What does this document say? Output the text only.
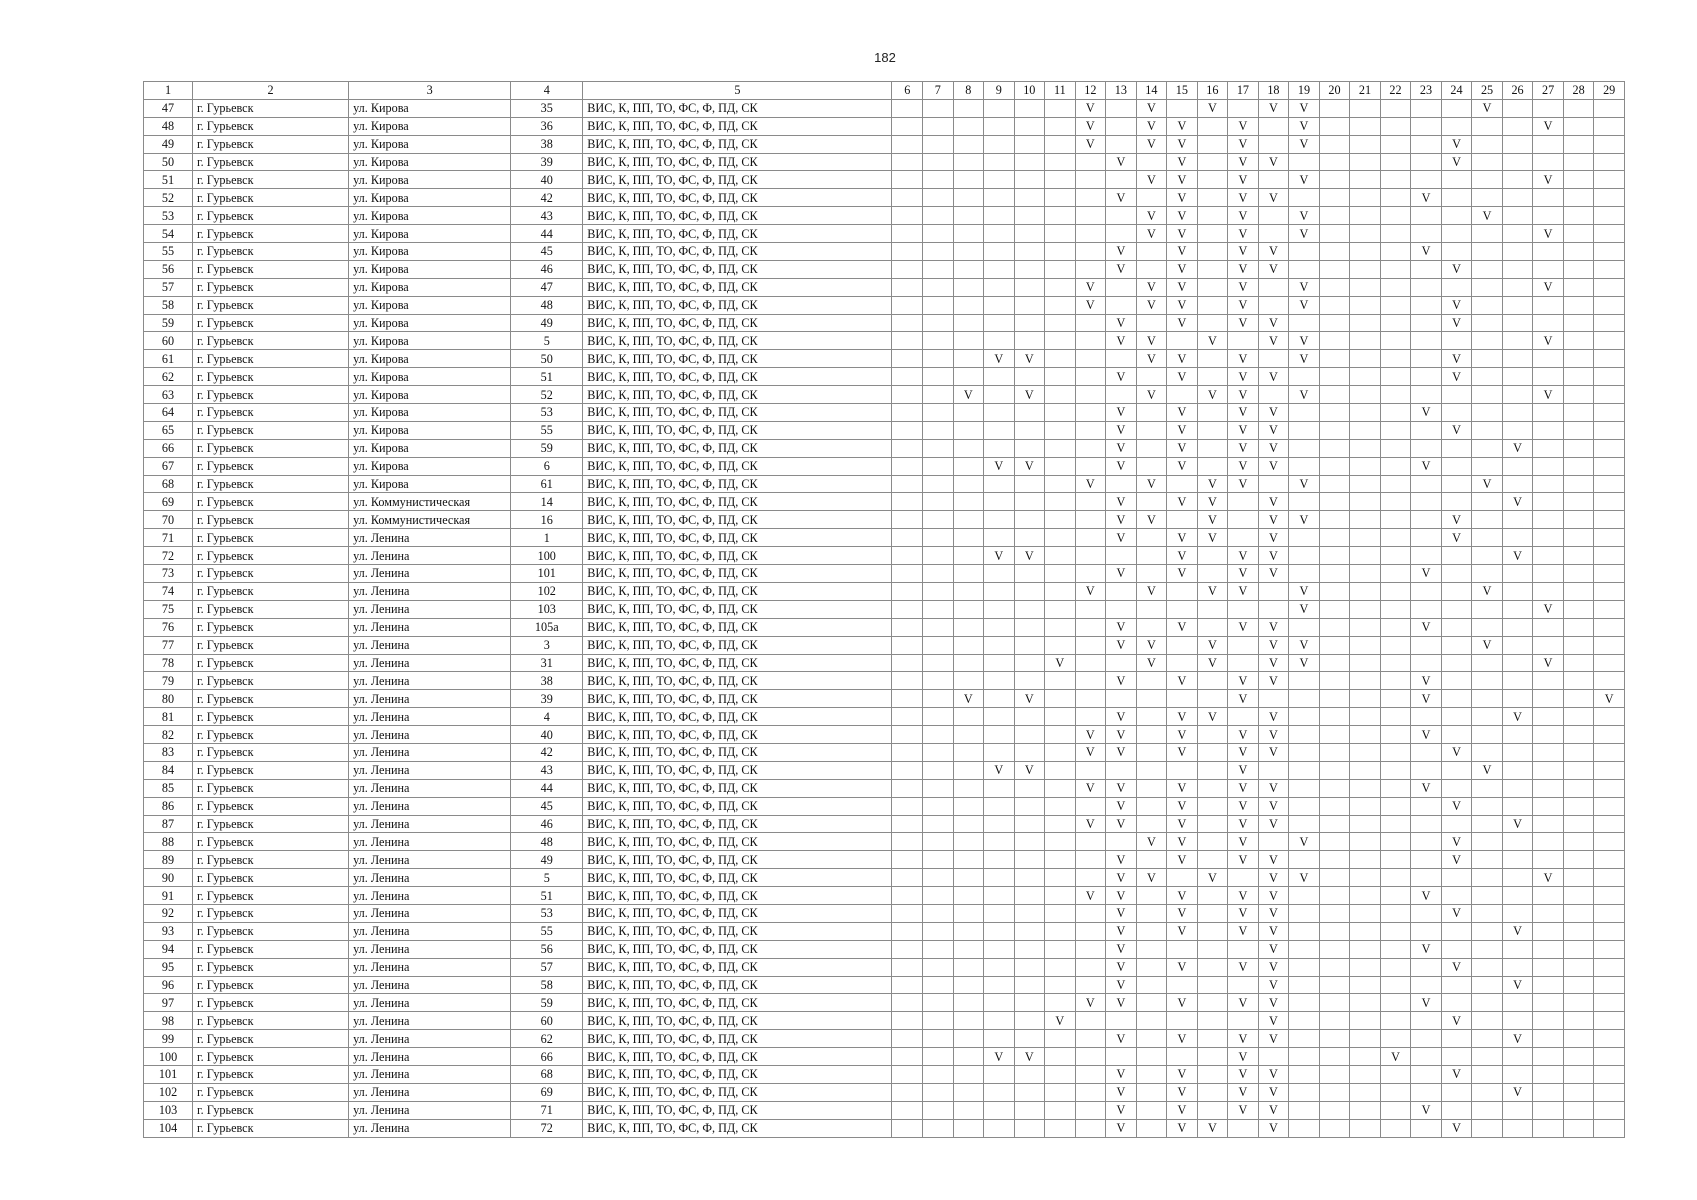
182
1	2	3	4	5	6	7	8	9	10	11	12	13	14	15	16	17	18	19	20	21	22	23	24	25	26	27	28	29
47	г. Гурьевск	ул. Кирова	35	ВИС, К, ПП, ТО, ФС, Ф, ПД, СК							V		V		V		V	V						V				
48	г. Гурьевск	ул. Кирова	36	ВИС, К, ПП, ТО, ФС, Ф, ПД, СК							V		V	V		V		V								V		
49	г. Гурьевск	ул. Кирова	38	ВИС, К, ПП, ТО, ФС, Ф, ПД, СК							V		V	V		V		V					V					
50	г. Гурьевск	ул. Кирова	39	ВИС, К, ПП, ТО, ФС, Ф, ПД, СК								V		V		V	V						V					
51	г. Гурьевск	ул. Кирова	40	ВИС, К, ПП, ТО, ФС, Ф, ПД, СК									V	V		V		V								V		
52	г. Гурьевск	ул. Кирова	42	ВИС, К, ПП, ТО, ФС, Ф, ПД, СК								V		V		V	V					V						
53	г. Гурьевск	ул. Кирова	43	ВИС, К, ПП, ТО, ФС, Ф, ПД, СК									V	V		V		V						V				
54	г. Гурьевск	ул. Кирова	44	ВИС, К, ПП, ТО, ФС, Ф, ПД, СК									V	V		V		V								V		
55	г. Гурьевск	ул. Кирова	45	ВИС, К, ПП, ТО, ФС, Ф, ПД, СК								V		V		V	V					V						
56	г. Гурьевск	ул. Кирова	46	ВИС, К, ПП, ТО, ФС, Ф, ПД, СК								V		V		V	V						V					
57	г. Гурьевск	ул. Кирова	47	ВИС, К, ПП, ТО, ФС, Ф, ПД, СК							V		V	V		V		V								V		
58	г. Гурьевск	ул. Кирова	48	ВИС, К, ПП, ТО, ФС, Ф, ПД, СК							V		V	V		V		V					V					
59	г. Гурьевск	ул. Кирова	49	ВИС, К, ПП, ТО, ФС, Ф, ПД, СК								V		V		V	V						V					
60	г. Гурьевск	ул. Кирова	5	ВИС, К, ПП, ТО, ФС, Ф, ПД, СК								V	V		V		V	V								V		
61	г. Гурьевск	ул. Кирова	50	ВИС, К, ПП, ТО, ФС, Ф, ПД, СК				V	V				V	V		V		V					V					
62	г. Гурьевск	ул. Кирова	51	ВИС, К, ПП, ТО, ФС, Ф, ПД, СК								V		V		V	V						V					
63	г. Гурьевск	ул. Кирова	52	ВИС, К, ПП, ТО, ФС, Ф, ПД, СК			V		V				V		V	V		V								V		
64	г. Гурьевск	ул. Кирова	53	ВИС, К, ПП, ТО, ФС, Ф, ПД, СК								V		V		V	V					V						
65	г. Гурьевск	ул. Кирова	55	ВИС, К, ПП, ТО, ФС, Ф, ПД, СК								V		V		V	V						V					
66	г. Гурьевск	ул. Кирова	59	ВИС, К, ПП, ТО, ФС, Ф, ПД, СК								V		V		V	V								V			
67	г. Гурьевск	ул. Кирова	6	ВИС, К, ПП, ТО, ФС, Ф, ПД, СК				V	V			V		V		V	V					V						
68	г. Гурьевск	ул. Кирова	61	ВИС, К, ПП, ТО, ФС, Ф, ПД, СК							V		V		V	V		V						V				
69	г. Гурьевск	ул. Коммунистическая	14	ВИС, К, ПП, ТО, ФС, Ф, ПД, СК								V		V	V		V								V			
70	г. Гурьевск	ул. Коммунистическая	16	ВИС, К, ПП, ТО, ФС, Ф, ПД, СК								V	V		V		V	V					V					
71	г. Гурьевск	ул. Ленина	1	ВИС, К, ПП, ТО, ФС, Ф, ПД, СК								V		V	V		V						V					
72	г. Гурьевск	ул. Ленина	100	ВИС, К, ПП, ТО, ФС, Ф, ПД, СК				V	V					V		V	V								V			
73	г. Гурьевск	ул. Ленина	101	ВИС, К, ПП, ТО, ФС, Ф, ПД, СК								V		V		V	V					V						
74	г. Гурьевск	ул. Ленина	102	ВИС, К, ПП, ТО, ФС, Ф, ПД, СК							V		V		V	V		V						V				
75	г. Гурьевск	ул. Ленина	103	ВИС, К, ПП, ТО, ФС, Ф, ПД, СК														V								V		
76	г. Гурьевск	ул. Ленина	105а	ВИС, К, ПП, ТО, ФС, Ф, ПД, СК								V		V		V	V					V						
77	г. Гурьевск	ул. Ленина	3	ВИС, К, ПП, ТО, ФС, Ф, ПД, СК								V	V		V		V	V						V				
78	г. Гурьевск	ул. Ленина	31	ВИС, К, ПП, ТО, ФС, Ф, ПД, СК						V			V		V		V	V								V		
79	г. Гурьевск	ул. Ленина	38	ВИС, К, ПП, ТО, ФС, Ф, ПД, СК								V		V		V	V					V						
80	г. Гурьевск	ул. Ленина	39	ВИС, К, ПП, ТО, ФС, Ф, ПД, СК			V		V							V						V						V
81	г. Гурьевск	ул. Ленина	4	ВИС, К, ПП, ТО, ФС, Ф, ПД, СК								V		V	V		V								V			
82	г. Гурьевск	ул. Ленина	40	ВИС, К, ПП, ТО, ФС, Ф, ПД, СК							V	V		V		V	V					V						
83	г. Гурьевск	ул. Ленина	42	ВИС, К, ПП, ТО, ФС, Ф, ПД, СК							V	V		V		V	V						V					
84	г. Гурьевск	ул. Ленина	43	ВИС, К, ПП, ТО, ФС, Ф, ПД, СК				V	V							V								V				
85	г. Гурьевск	ул. Ленина	44	ВИС, К, ПП, ТО, ФС, Ф, ПД, СК							V	V		V		V	V					V						
86	г. Гурьевск	ул. Ленина	45	ВИС, К, ПП, ТО, ФС, Ф, ПД, СК								V		V		V	V						V					
87	г. Гурьевск	ул. Ленина	46	ВИС, К, ПП, ТО, ФС, Ф, ПД, СК							V	V		V		V	V								V			
88	г. Гурьевск	ул. Ленина	48	ВИС, К, ПП, ТО, ФС, Ф, ПД, СК									V	V		V		V					V					
89	г. Гурьевск	ул. Ленина	49	ВИС, К, ПП, ТО, ФС, Ф, ПД, СК								V		V		V	V						V					
90	г. Гурьевск	ул. Ленина	5	ВИС, К, ПП, ТО, ФС, Ф, ПД, СК								V	V		V		V	V								V		
91	г. Гурьевск	ул. Ленина	51	ВИС, К, ПП, ТО, ФС, Ф, ПД, СК							V	V		V		V	V					V						
92	г. Гурьевск	ул. Ленина	53	ВИС, К, ПП, ТО, ФС, Ф, ПД, СК								V		V		V	V						V					
93	г. Гурьевск	ул. Ленина	55	ВИС, К, ПП, ТО, ФС, Ф, ПД, СК								V		V		V	V								V			
94	г. Гурьевск	ул. Ленина	56	ВИС, К, ПП, ТО, ФС, Ф, ПД, СК								V					V					V						
95	г. Гурьевск	ул. Ленина	57	ВИС, К, ПП, ТО, ФС, Ф, ПД, СК								V		V		V	V						V					
96	г. Гурьевск	ул. Ленина	58	ВИС, К, ПП, ТО, ФС, Ф, ПД, СК								V					V								V			
97	г. Гурьевск	ул. Ленина	59	ВИС, К, ПП, ТО, ФС, Ф, ПД, СК							V	V		V		V	V					V						
98	г. Гурьевск	ул. Ленина	60	ВИС, К, ПП, ТО, ФС, Ф, ПД, СК						V							V						V					
99	г. Гурьевск	ул. Ленина	62	ВИС, К, ПП, ТО, ФС, Ф, ПД, СК								V		V		V	V								V			
100	г. Гурьевск	ул. Ленина	66	ВИС, К, ПП, ТО, ФС, Ф, ПД, СК				V	V							V					V							
101	г. Гурьевск	ул. Ленина	68	ВИС, К, ПП, ТО, ФС, Ф, ПД, СК								V		V		V	V						V					
102	г. Гурьевск	ул. Ленина	69	ВИС, К, ПП, ТО, ФС, Ф, ПД, СК								V		V		V	V								V			
103	г. Гурьевск	ул. Ленина	71	ВИС, К, ПП, ТО, ФС, Ф, ПД, СК								V		V		V	V					V						
104	г. Гурьевск	ул. Ленина	72	ВИС, К, ПП, ТО, ФС, Ф, ПД, СК								V		V	V		V						V					
